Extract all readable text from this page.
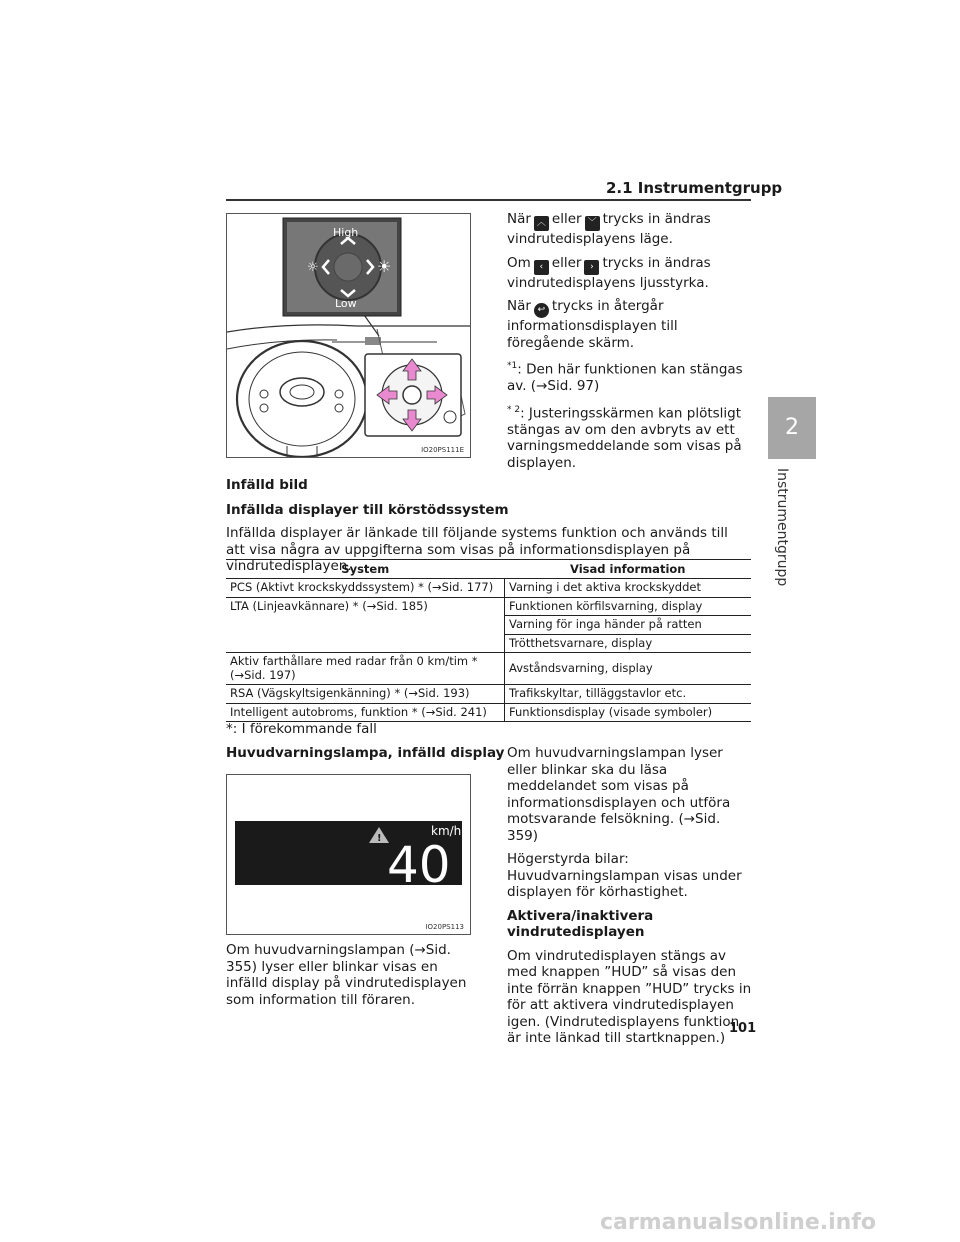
2.1 Instrumentgrupp
2
Instrumentgrupp
☼	☀
High
Low
IO20PS111E
När ︿ eller ﹀ trycks in ändras vindrutedisplayens läge.
Om ‹ eller › trycks in ändras vindrutedisplayens ljusstyrka.
När ↩ trycks in återgår informationsdisplayen till föregående skärm.
$^{*1}$: Den här funktionen kan stängas av. (→Sid. 97)
$^{* 2}$: Justeringsskärmen kan plötsligt stängas av om den avbryts av ett varningsmeddelande som visas på displayen.
Infälld bild
Infällda displayer till körstödssystem
Infällda displayer är länkade till följande systems funktion och används till att visa några av uppgifterna som visas på informationsdisplayen på vindrutedisplayen.
System	Visad information
PCS (Aktivt krockskyddssystem) * (→Sid. 177)	Varning i det aktiva krockskyddet
LTA (Linjeavkännare) * (→Sid. 185)	Funktionen körfilsvarning, display
	Varning för inga händer på ratten
	Trötthetsvarnare, display
Aktiv farthållare med radar från 0 km/tim * (→Sid. 197)	Avståndsvarning, display
RSA (Vägskyltsigenkänning) * (→Sid. 193)	Trafikskyltar, tilläggstavlor etc.
Intelligent autobroms, funktion * (→Sid. 241)	Funktionsdisplay (visade symboler)
*: I förekommande fall
Huvudvarningslampa, infälld display
!
km/h
40
IO20PS113
Om huvudvarningslampan (→Sid. 355) lyser eller blinkar visas en infälld display på vindrutedisplayen som information till föraren.
Om huvudvarningslampan lyser eller blinkar ska du läsa meddelandet som visas på informationsdisplayen och utföra motsvarande felsökning. (→Sid. 359)
Högerstyrda bilar: Huvudvarningslampan visas under displayen för körhastighet.
Aktivera/inaktivera vindrutedisplayen
Om vindrutedisplayen stängs av med knappen ”HUD” så visas den inte förrän knappen ”HUD” trycks in för att aktivera vindrutedisplayen igen. (Vindrutedisplayens funktion är inte länkad till startknappen.)
101
carmanualsonline.info
